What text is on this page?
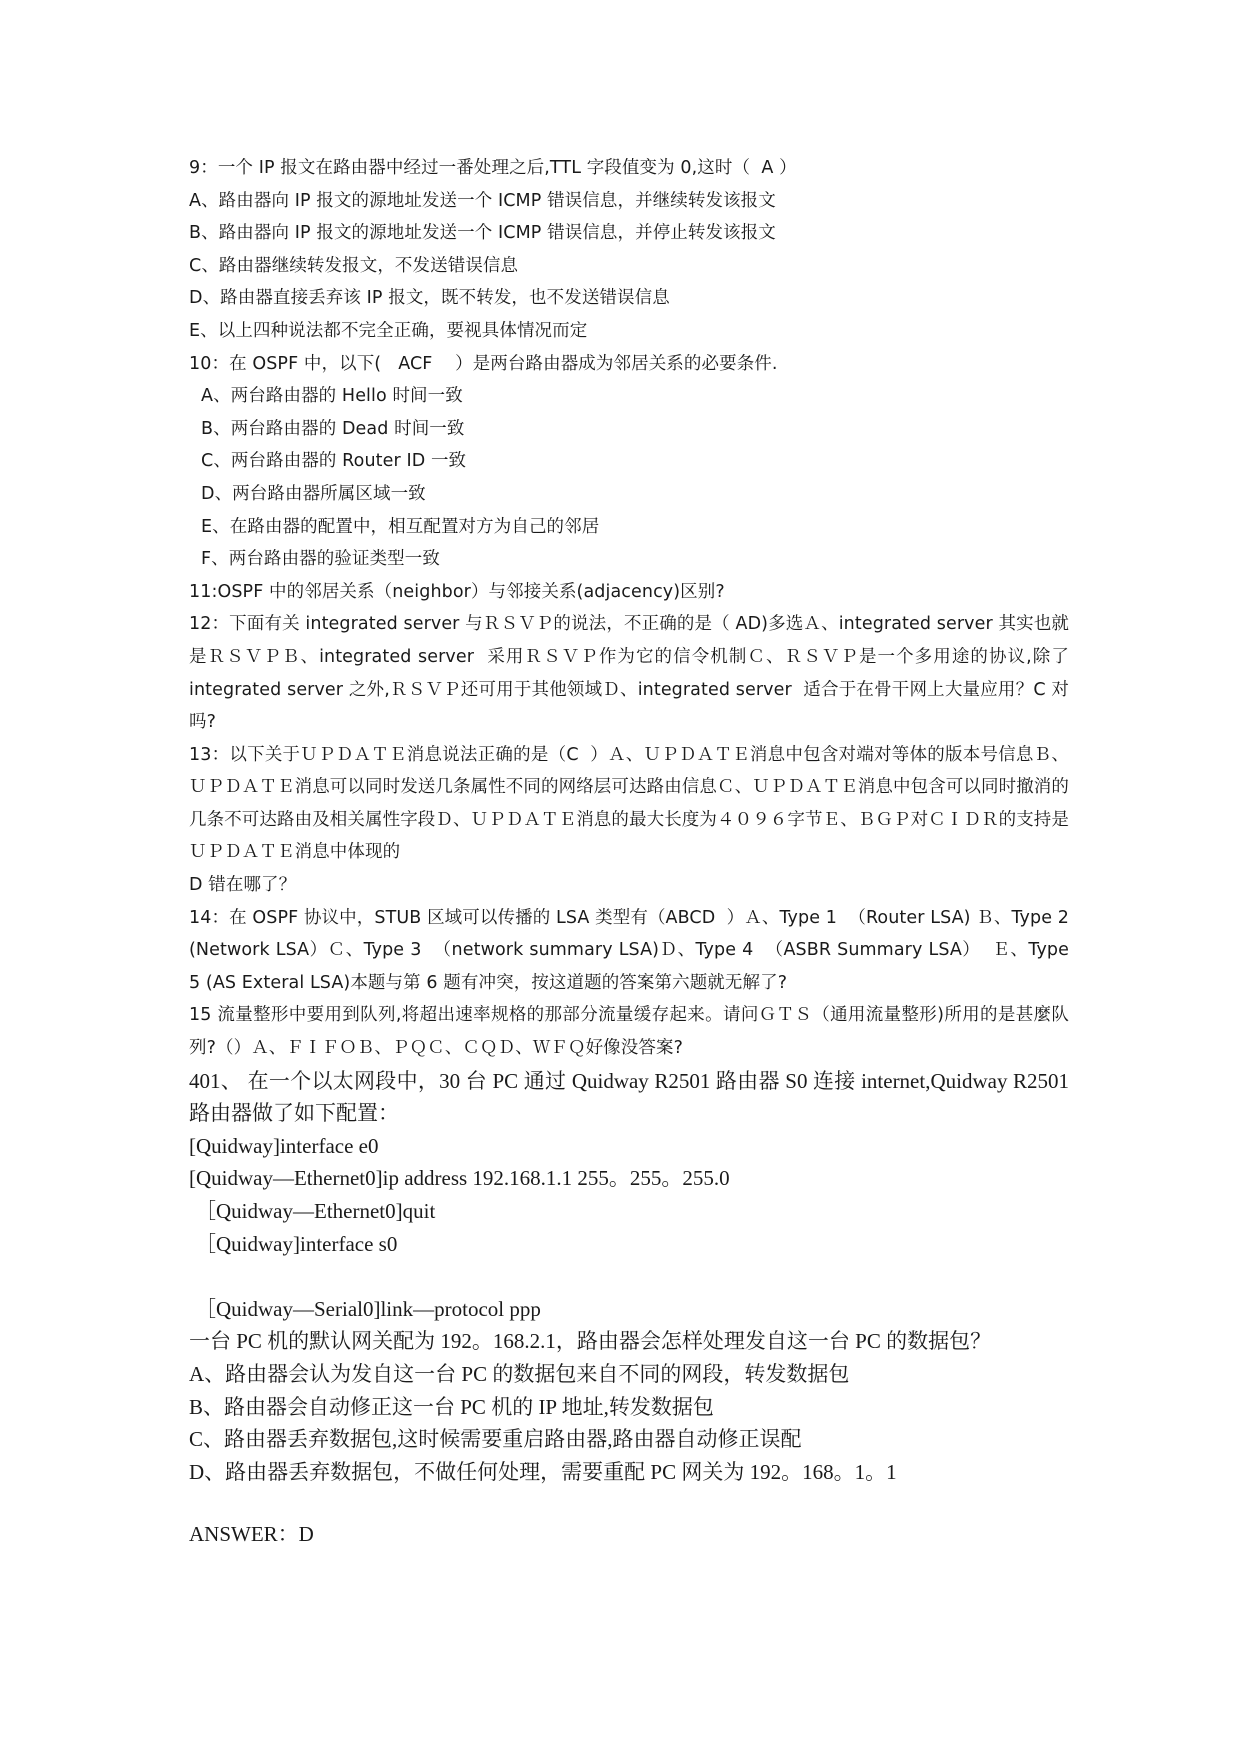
9：一个 IP 报文在路由器中经过一番处理之后,TTL 字段值变为 0,这时（  A ）

A、路由器向 IP 报文的源地址发送一个 ICMP 错误信息，并继续转发该报文

B、路由器向 IP 报文的源地址发送一个 ICMP 错误信息，并停止转发该报文

C、路由器继续转发报文，不发送错误信息

D、路由器直接丢弃该 IP 报文，既不转发，也不发送错误信息

E、以上四种说法都不完全正确，要视具体情况而定

10：在 OSPF 中，以下(   ACF    ）是两台路由器成为邻居关系的必要条件.

A、两台路由器的 Hello 时间一致

B、两台路由器的 Dead 时间一致

C、两台路由器的 Router ID 一致

D、两台路由器所属区域一致

E、在路由器的配置中，相互配置对方为自己的邻居

F、两台路由器的验证类型一致

11:OSPF 中的邻居关系（neighbor）与邻接关系(adjacency)区别?

12：下面有关 integrated server 与ＲＳＶＰ的说法，不正确的是（ AD)多选Ａ、integrated server 其实也就是ＲＳＶＰＢ、integrated server  采用ＲＳＶＰ作为它的信令机制Ｃ、ＲＳＶＰ是一个多用途的协议,除了 integrated server 之外,ＲＳＶＰ还可用于其他领域Ｄ、integrated server  适合于在骨干网上大量应用？C 对吗?

13：以下关于ＵＰＤＡＴＥ消息说法正确的是（C  ）Ａ、ＵＰＤＡＴＥ消息中包含对端对等体的版本号信息Ｂ、ＵＰＤＡＴＥ消息可以同时发送几条属性不同的网络层可达路由信息Ｃ、ＵＰＤＡＴＥ消息中包含可以同时撤消的几条不可达路由及相关属性字段Ｄ、ＵＰＤＡＴＥ消息的最大长度为４０９６字节Ｅ、ＢＧＰ对ＣＩＤＲ的支持是ＵＰＤＡＴＥ消息中体现的

D 错在哪了？

14：在 OSPF 协议中，STUB 区域可以传播的 LSA 类型有（ABCD  ）Ａ、Type 1  （Router LSA) Ｂ、Type 2 (Network LSA）Ｃ、Type 3  （network summary LSA)Ｄ、Type 4  （ASBR Summary LSA）  Ｅ、Type 5 (AS Exteral LSA)本题与第 6 题有冲突，按这道题的答案第六题就无解了?

15 流量整形中要用到队列,将超出速率规格的那部分流量缓存起来。请问ＧＴＳ（通用流量整形)所用的是甚麼队列?（）Ａ、ＦＩＦＯＢ、ＰＱＣ、ＣＱＤ、ＷＦＱ好像没答案?

401、 在一个以太网段中，30 台 PC 通过 Quidway R2501 路由器 S0 连接 internet,Quidway R2501 路由器做了如下配置：

[Quidway]interface e0

[Quidway—Ethernet0]ip address 192.168.1.1 255。255。255.0

［Quidway—Ethernet0]quit

［Quidway]interface s0

［Quidway—Serial0]link—protocol ppp

一台 PC 机的默认网关配为 192。168.2.1，路由器会怎样处理发自这一台 PC 的数据包？

A、路由器会认为发自这一台 PC 的数据包来自不同的网段，转发数据包

B、路由器会自动修正这一台 PC 机的 IP 地址,转发数据包

C、路由器丢弃数据包,这时候需要重启路由器,路由器自动修正误配

D、路由器丢弃数据包，不做任何处理，需要重配 PC 网关为 192。168。1。1

ANSWER：D
